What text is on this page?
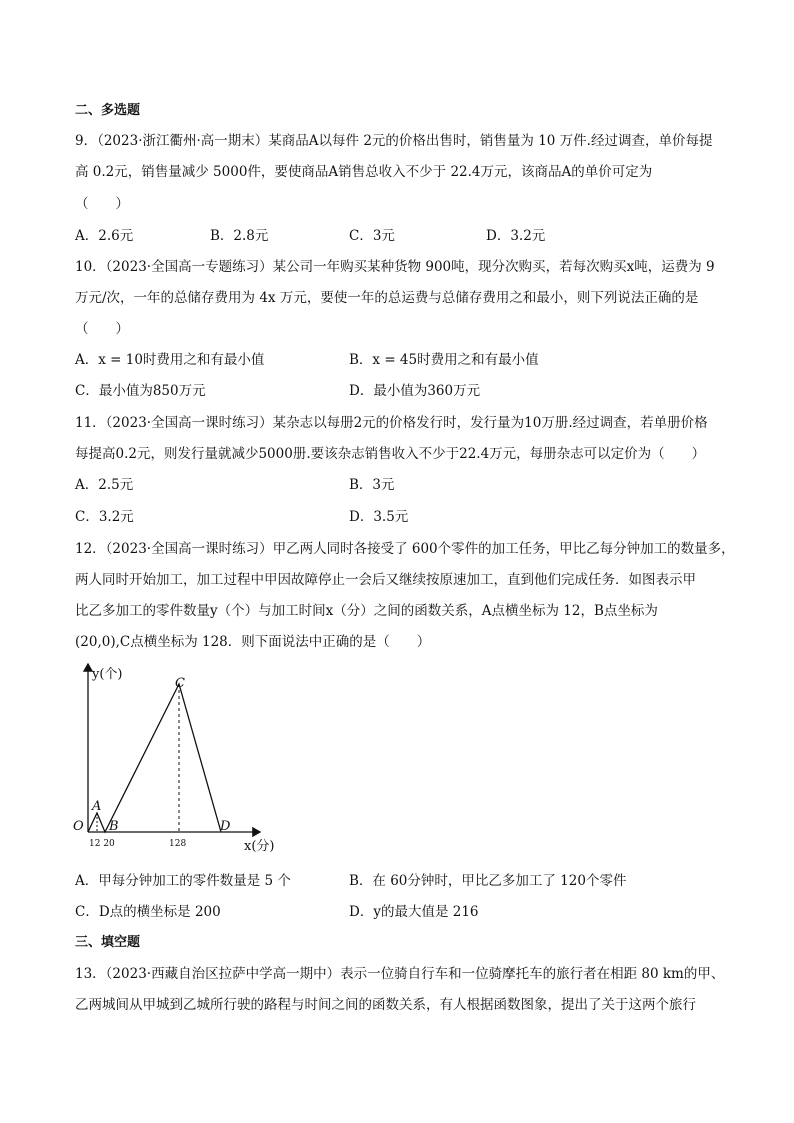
二、多选题
9．（2023·浙江衢州·高一期末）某商品A以每件 2元的价格出售时，销售量为 10 万件.经过调查，单价每提
高 0.2元，销售量减少 5000件，要使商品A销售总收入不少于 22.4万元，该商品A的单价可定为
（　　）
A．2.6元	B．2.8元	C．3元	D．3.2元
10．（2023·全国高一专题练习）某公司一年购买某种货物 900吨，现分次购买，若每次购买x吨，运费为 9
万元/次，一年的总储存费用为 4x 万元，要使一年的总运费与总储存费用之和最小，则下列说法正确的是
（　　）
A．x = 10时费用之和有最小值	B．x = 45时费用之和有最小值
C．最小值为850万元	D．最小值为360万元
11．（2023·全国高一课时练习）某杂志以每册2元的价格发行时，发行量为10万册.经过调查，若单册价格
每提高0.2元，则发行量就减少5000册.要该杂志销售收入不少于22.4万元，每册杂志可以定价为（　　）
A．2.5元	B．3元
C．3.2元	D．3.5元
12．（2023·全国高一课时练习）甲乙两人同时各接受了 600个零件的加工任务，甲比乙每分钟加工的数量多，
两人同时开始加工，加工过程中甲因故障停止一会后又继续按原速加工，直到他们完成任务．如图表示甲
比乙多加工的零件数量y（个）与加工时间x（分）之间的函数关系，A点横坐标为 12，B点坐标为
(20,0),C点横坐标为 128．则下面说法中正确的是（　　）
y(个)
x(分)
O
A
B
C
D
12 20	128
A．甲每分钟加工的零件数量是 5 个	B．在 60分钟时，甲比乙多加工了 120个零件
C．D点的横坐标是 200	D．y的最大值是 216
三、填空题
13．（2023·西藏自治区拉萨中学高一期中）表示一位骑自行车和一位骑摩托车的旅行者在相距 80 km的甲、
乙两城间从甲城到乙城所行驶的路程与时间之间的函数关系，有人根据函数图象，提出了关于这两个旅行
